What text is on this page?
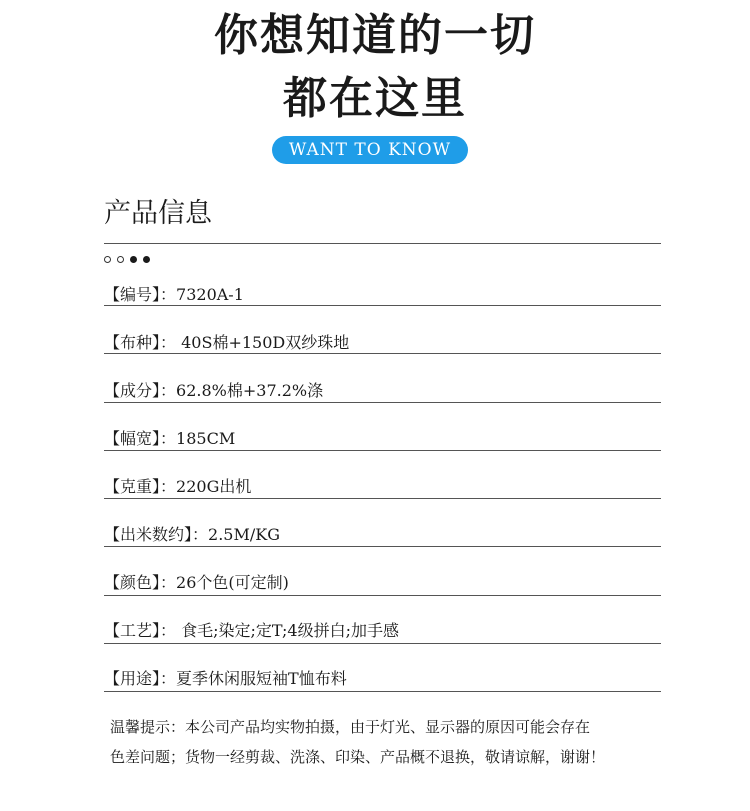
你想知道的一切
都在这里
WANT TO KNOW
产品信息
【编号】：7320A-1
【布种】： 40S棉+150D双纱珠地
【成分】：62.8%棉+37.2%涤
【幅宽】：185CM
【克重】：220G出机
【出米数约】：2.5M/KG
【颜色】：26个色(可定制)
【工艺】： 食毛;染定;定T;4级拼白;加手感
【用途】：夏季休闲服短袖T恤布料
温馨提示：本公司产品均实物拍摄，由于灯光、显示器的原因可能会存在
色差问题；货物一经剪裁、洗涤、印染、产品概不退换，敬请谅解，谢谢！
